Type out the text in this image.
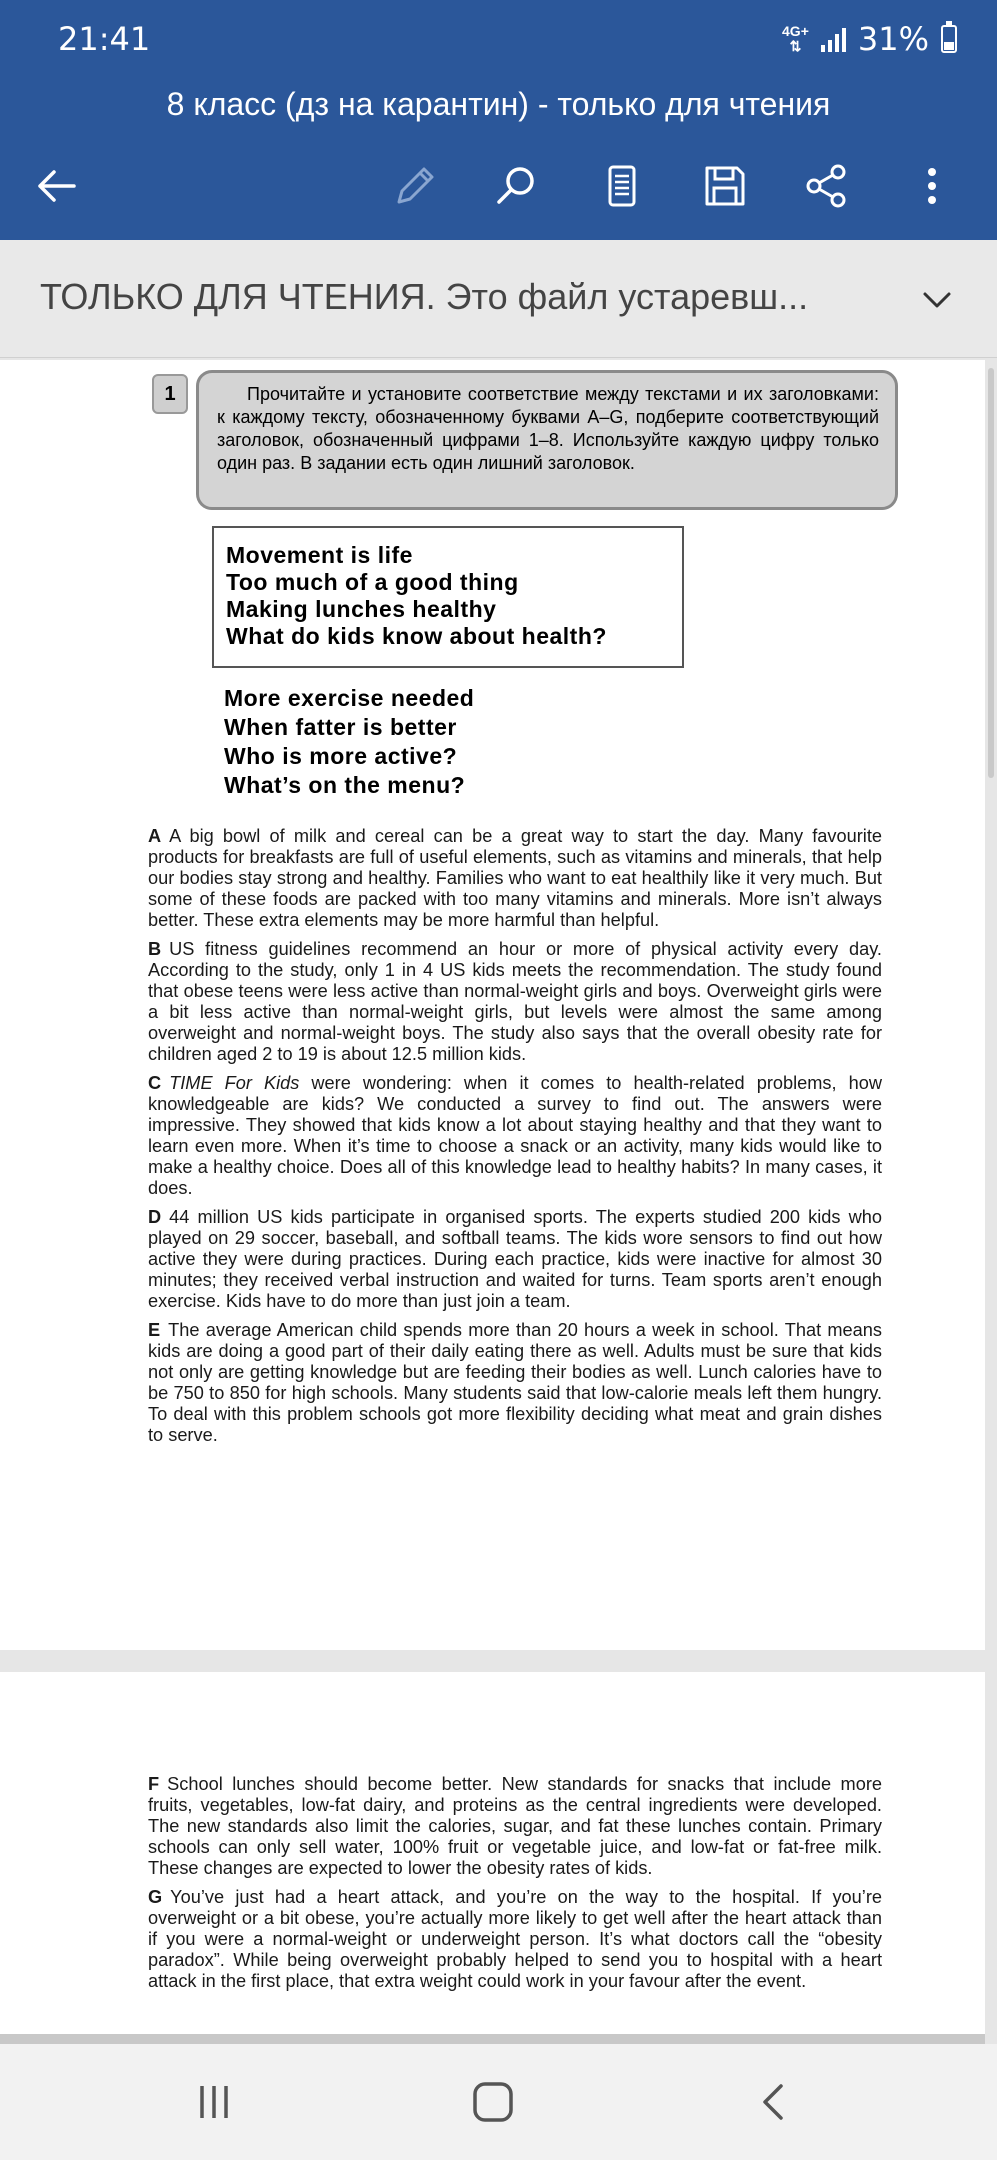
21:41	4G+
⇅ 31%
8 класс (дз на карантин) - только для чтения
ТОЛЬКО ДЛЯ ЧТЕНИЯ. Это файл устаревш...
1	Прочитайте и установите соответствие между текстами и их заголовками: к каждому тексту, обозначенному буквами A–G, подберите соответствующий заголовок, обозначенный цифрами 1–8. Используйте каждую цифру только один раз. В задании есть один лишний заголовок.
Movement is life
Too much of a good thing
Making lunches healthy
What do kids know about health?
More exercise needed
When fatter is better
Who is more active?
What’s on the menu?

A A big bowl of milk and cereal can be a great way to start the day. Many favourite products for breakfasts are full of useful elements, such as vitamins and minerals, that help our bodies stay strong and healthy. Families who want to eat healthily like it very much. But some of these foods are packed with too many vitamins and minerals. More isn’t always better. These extra elements may be more harmful than helpful.

B US fitness guidelines recommend an hour or more of physical activity every day. According to the study, only 1 in 4 US kids meets the recommendation. The study found that obese teens were less active than normal-weight girls and boys. Overweight girls were a bit less active than normal-weight girls, but levels were almost the same among overweight and normal-weight boys. The study also says that the overall obesity rate for children aged 2 to 19 is about 12.5 million kids.

C TIME For Kids were wondering: when it comes to health-related problems, how knowledgeable are kids? We conducted a survey to find out. The answers were impressive. They showed that kids know a lot about staying healthy and that they want to learn even more. When it’s time to choose a snack or an activity, many kids would like to make a healthy choice. Does all of this knowledge lead to healthy habits? In many cases, it does.

D 44 million US kids participate in organised sports. The experts studied 200 kids who played on 29 soccer, baseball, and softball teams. The kids wore sensors to find out how active they were during practices. During each practice, kids were inactive for almost 30 minutes; they received verbal instruction and waited for turns. Team sports aren’t enough exercise. Kids have to do more than just join a team.

E The average American child spends more than 20 hours a week in school. That means kids are doing a good part of their daily eating there as well. Adults must be sure that kids not only are getting knowledge but are feeding their bodies as well. Lunch calories have to be 750 to 850 for high schools. Many students said that low-calorie meals left them hungry. To deal with this problem schools got more flexibility deciding what meat and grain dishes to serve.

F School lunches should become better. New standards for snacks that include more fruits, vegetables, low-fat dairy, and proteins as the central ingredients were developed. The new standards also limit the calories, sugar, and fat these lunches contain. Primary schools can only sell water, 100% fruit or vegetable juice, and low-fat or fat-free milk. These changes are expected to lower the obesity rates of kids.

G You’ve just had a heart attack, and you’re on the way to the hospital. If you’re overweight or a bit obese, you’re actually more likely to get well after the heart attack than if you were a normal-weight or underweight person. It’s what doctors call the “obesity paradox”. While being overweight probably helped to send you to hospital with a heart attack in the first place, that extra weight could work in your favour after the event.
